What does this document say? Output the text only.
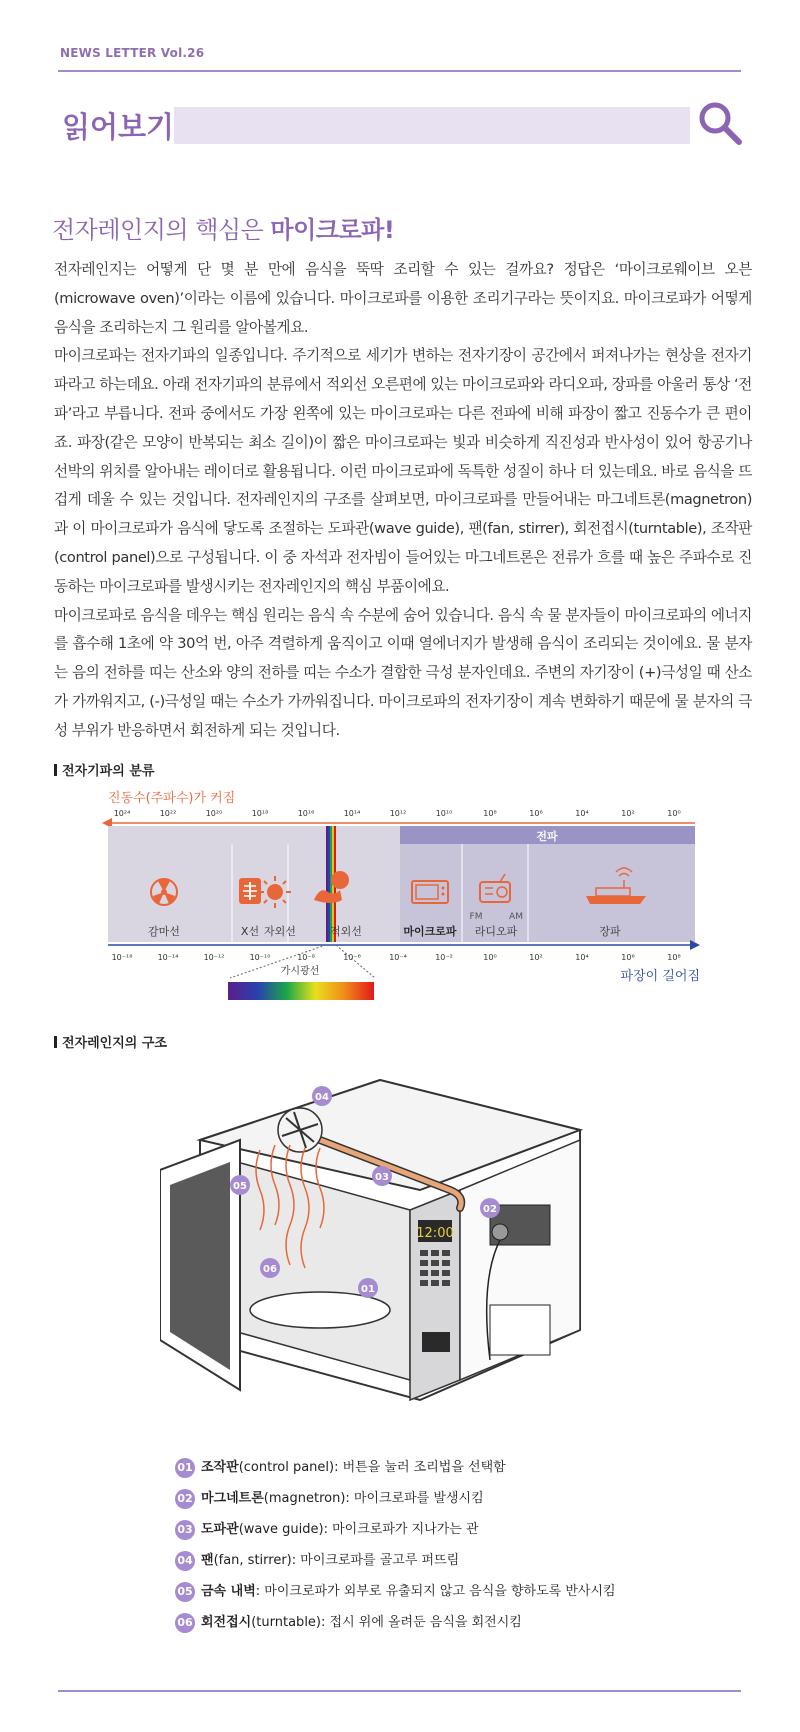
NEWS LETTER Vol.26
읽어보기
전자레인지의 핵심은 마이크로파!

전자레인지는 어떻게 단 몇 분 만에 음식을 뚝딱 조리할 수 있는 걸까요? 정답은 ‘마이크로웨이브 오븐(microwave oven)’이라는 이름에 있습니다. 마이크로파를 이용한 조리기구라는 뜻이지요. 마이크로파가 어떻게 음식을 조리하는지 그 원리를 알아볼게요.

마이크로파는 전자기파의 일종입니다. 주기적으로 세기가 변하는 전자기장이 공간에서 퍼져나가는 현상을 전자기파라고 하는데요. 아래 전자기파의 분류에서 적외선 오른편에 있는 마이크로파와 라디오파, 장파를 아울러 통상 ‘전파’라고 부릅니다. 전파 중에서도 가장 왼쪽에 있는 마이크로파는 다른 전파에 비해 파장이 짧고 진동수가 큰 편이죠. 파장(같은 모양이 반복되는 최소 길이)이 짧은 마이크로파는 빛과 비슷하게 직진성과 반사성이 있어 항공기나 선박의 위치를 알아내는 레이더로 활용됩니다. 이런 마이크로파에 독특한 성질이 하나 더 있는데요. 바로 음식을 뜨겁게 데울 수 있는 것입니다. 전자레인지의 구조를 살펴보면, 마이크로파를 만들어내는 마그네트론(magnetron)과 이 마이크로파가 음식에 닿도록 조절하는 도파관(wave guide), 팬(fan, stirrer), 회전접시(turntable), 조작판(control panel)으로 구성됩니다. 이 중 자석과 전자빔이 들어있는 마그네트론은 전류가 흐를 때 높은 주파수로 진동하는 마이크로파를 발생시키는 전자레인지의 핵심 부품이에요.

마이크로파로 음식을 데우는 핵심 원리는 음식 속 수분에 숨어 있습니다. 음식 속 물 분자들이 마이크로파의 에너지를 흡수해 1초에 약 30억 번, 아주 격렬하게 움직이고 이때 열에너지가 발생해 음식이 조리되는 것이에요. 물 분자는 음의 전하를 띠는 산소와 양의 전하를 띠는 수소가 결합한 극성 분자인데요. 주변의 자기장이 (+)극성일 때 산소가 가까워지고, (-)극성일 때는 수소가 가까워집니다. 마이크로파의 전자기장이 계속 변화하기 때문에 물 분자의 극성 부위가 반응하면서 회전하게 되는 것입니다.

전자기파의 분류
진동수(주파수)가 커짐
10²⁴	10²²	10²⁰	10¹⁸	10¹⁶	10¹⁴	10¹²	10¹⁰	10⁸	10⁶	10⁴	10²	10⁰
전파
FM	AM
감마선	X선 자외선	적외선	마이크로파 라디오파	장파
10⁻¹⁶	10⁻¹⁴	10⁻¹²	10⁻¹⁰	10⁻⁸	10⁻⁶	10⁻⁴	10⁻²	10⁰	10²	10⁴	10⁶	10⁸
파장이 길어짐
가시광선
전자레인지의 구조
12:00
04
02
03
05
06
01
01 조작판(control panel): 버튼을 눌러 조리법을 선택함
02 마그네트론(magnetron): 마이크로파를 발생시킴
03 도파관(wave guide): 마이크로파가 지나가는 관
04 팬(fan, stirrer): 마이크로파를 골고루 퍼뜨림
05 금속 내벽: 마이크로파가 외부로 유출되지 않고 음식을 향하도록 반사시킴
06 회전접시(turntable): 접시 위에 올려둔 음식을 회전시킴
